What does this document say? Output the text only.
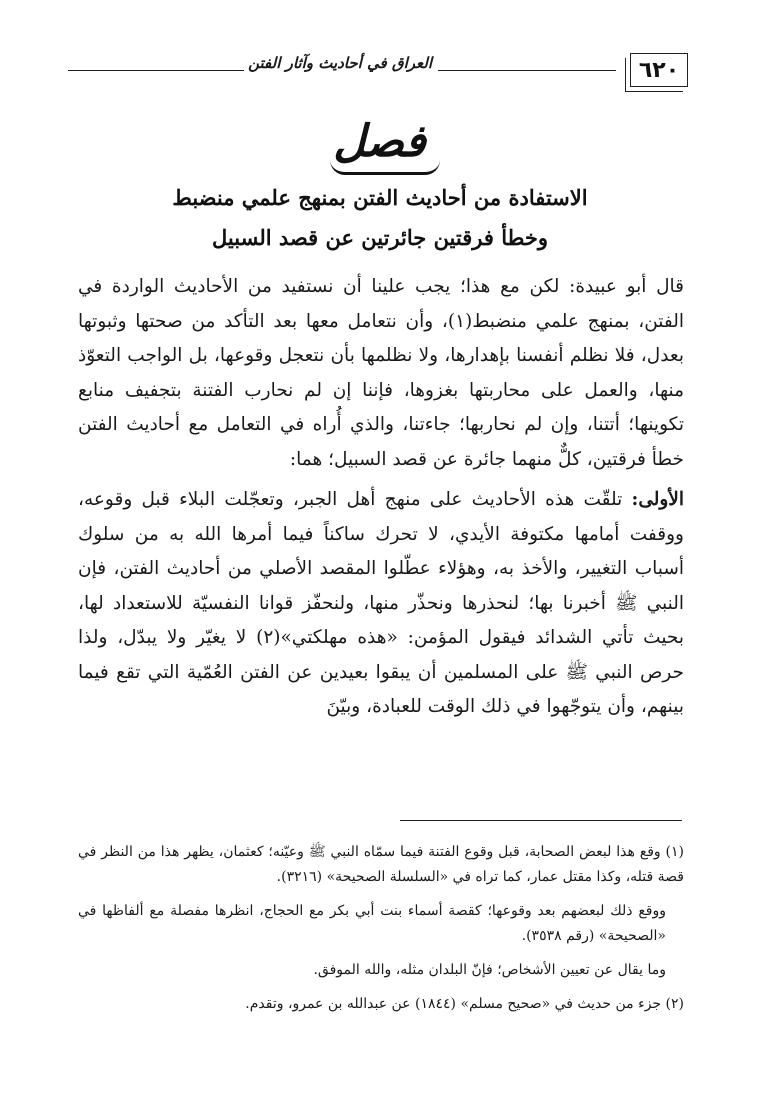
٦٢٠
العراق في أحاديث وآثار الفتن
فصل
الاستفادة من أحاديث الفتن بمنهج علمي منضبط
وخطأ فرقتين جائرتين عن قصد السبيل

قال أبو عبيدة: لكن مع هذا؛ يجب علينا أن نستفيد من الأحاديث الواردة في الفتن، بمنهج علمي منضبط(١)، وأن نتعامل معها بعد التأكد من صحتها وثبوتها بعدل، فلا نظلم أنفسنا بإهدارها، ولا نظلمها بأن نتعجل وقوعها، بل الواجب التعوّذ منها، والعمل على محاربتها بغزوها، فإننا إن لم نحارب الفتنة بتجفيف منابع تكوينها؛ أتتنا، وإن لم نحاربها؛ جاءتنا، والذي أُراه في التعامل مع أحاديث الفتن خطأ فرقتين، كلٌّ منهما جائرة عن قصد السبيل؛ هما:

الأولى: تلقّت هذه الأحاديث على منهج أهل الجبر، وتعجّلت البلاء قبل وقوعه، ووقفت أمامها مكتوفة الأيدي، لا تحرك ساكناً فيما أمرها الله به من سلوك أسباب التغيير، والأخذ به، وهؤلاء عطّلوا المقصد الأصلي من أحاديث الفتن، فإن النبي ﷺ أخبرنا بها؛ لنحذرها ونحذّر منها، ولنحفّز قوانا النفسيّة للاستعداد لها، بحيث تأتي الشدائد فيقول المؤمن: «هذه مهلكتي»(٢) لا يغيّر ولا يبدّل، ولذا حرص النبي ﷺ على المسلمين أن يبقوا بعيدين عن الفتن العُمّية التي تقع فيما بينهم، وأن يتوجّهوا في ذلك الوقت للعبادة، وبيّنَ

(١) وقع هذا لبعض الصحابة، قبل وقوع الفتنة فيما سمّاه النبي ﷺ وعيّنه؛ كعثمان، يظهر هذا من النظر في قصة قتله، وكذا مقتل عمار، كما تراه في «السلسلة الصحيحة» (٣٢١٦).

ووقع ذلك لبعضهم بعد وقوعها؛ كقصة أسماء بنت أبي بكر مع الحجاج، انظرها مفصلة مع ألفاظها في «الصحيحة» (رقم ٣٥٣٨).

وما يقال عن تعيين الأشخاص؛ فإنّ البلدان مثله، والله الموفق.

(٢) جزء من حديث في «صحيح مسلم» (١٨٤٤) عن عبدالله بن عمرو، وتقدم.
